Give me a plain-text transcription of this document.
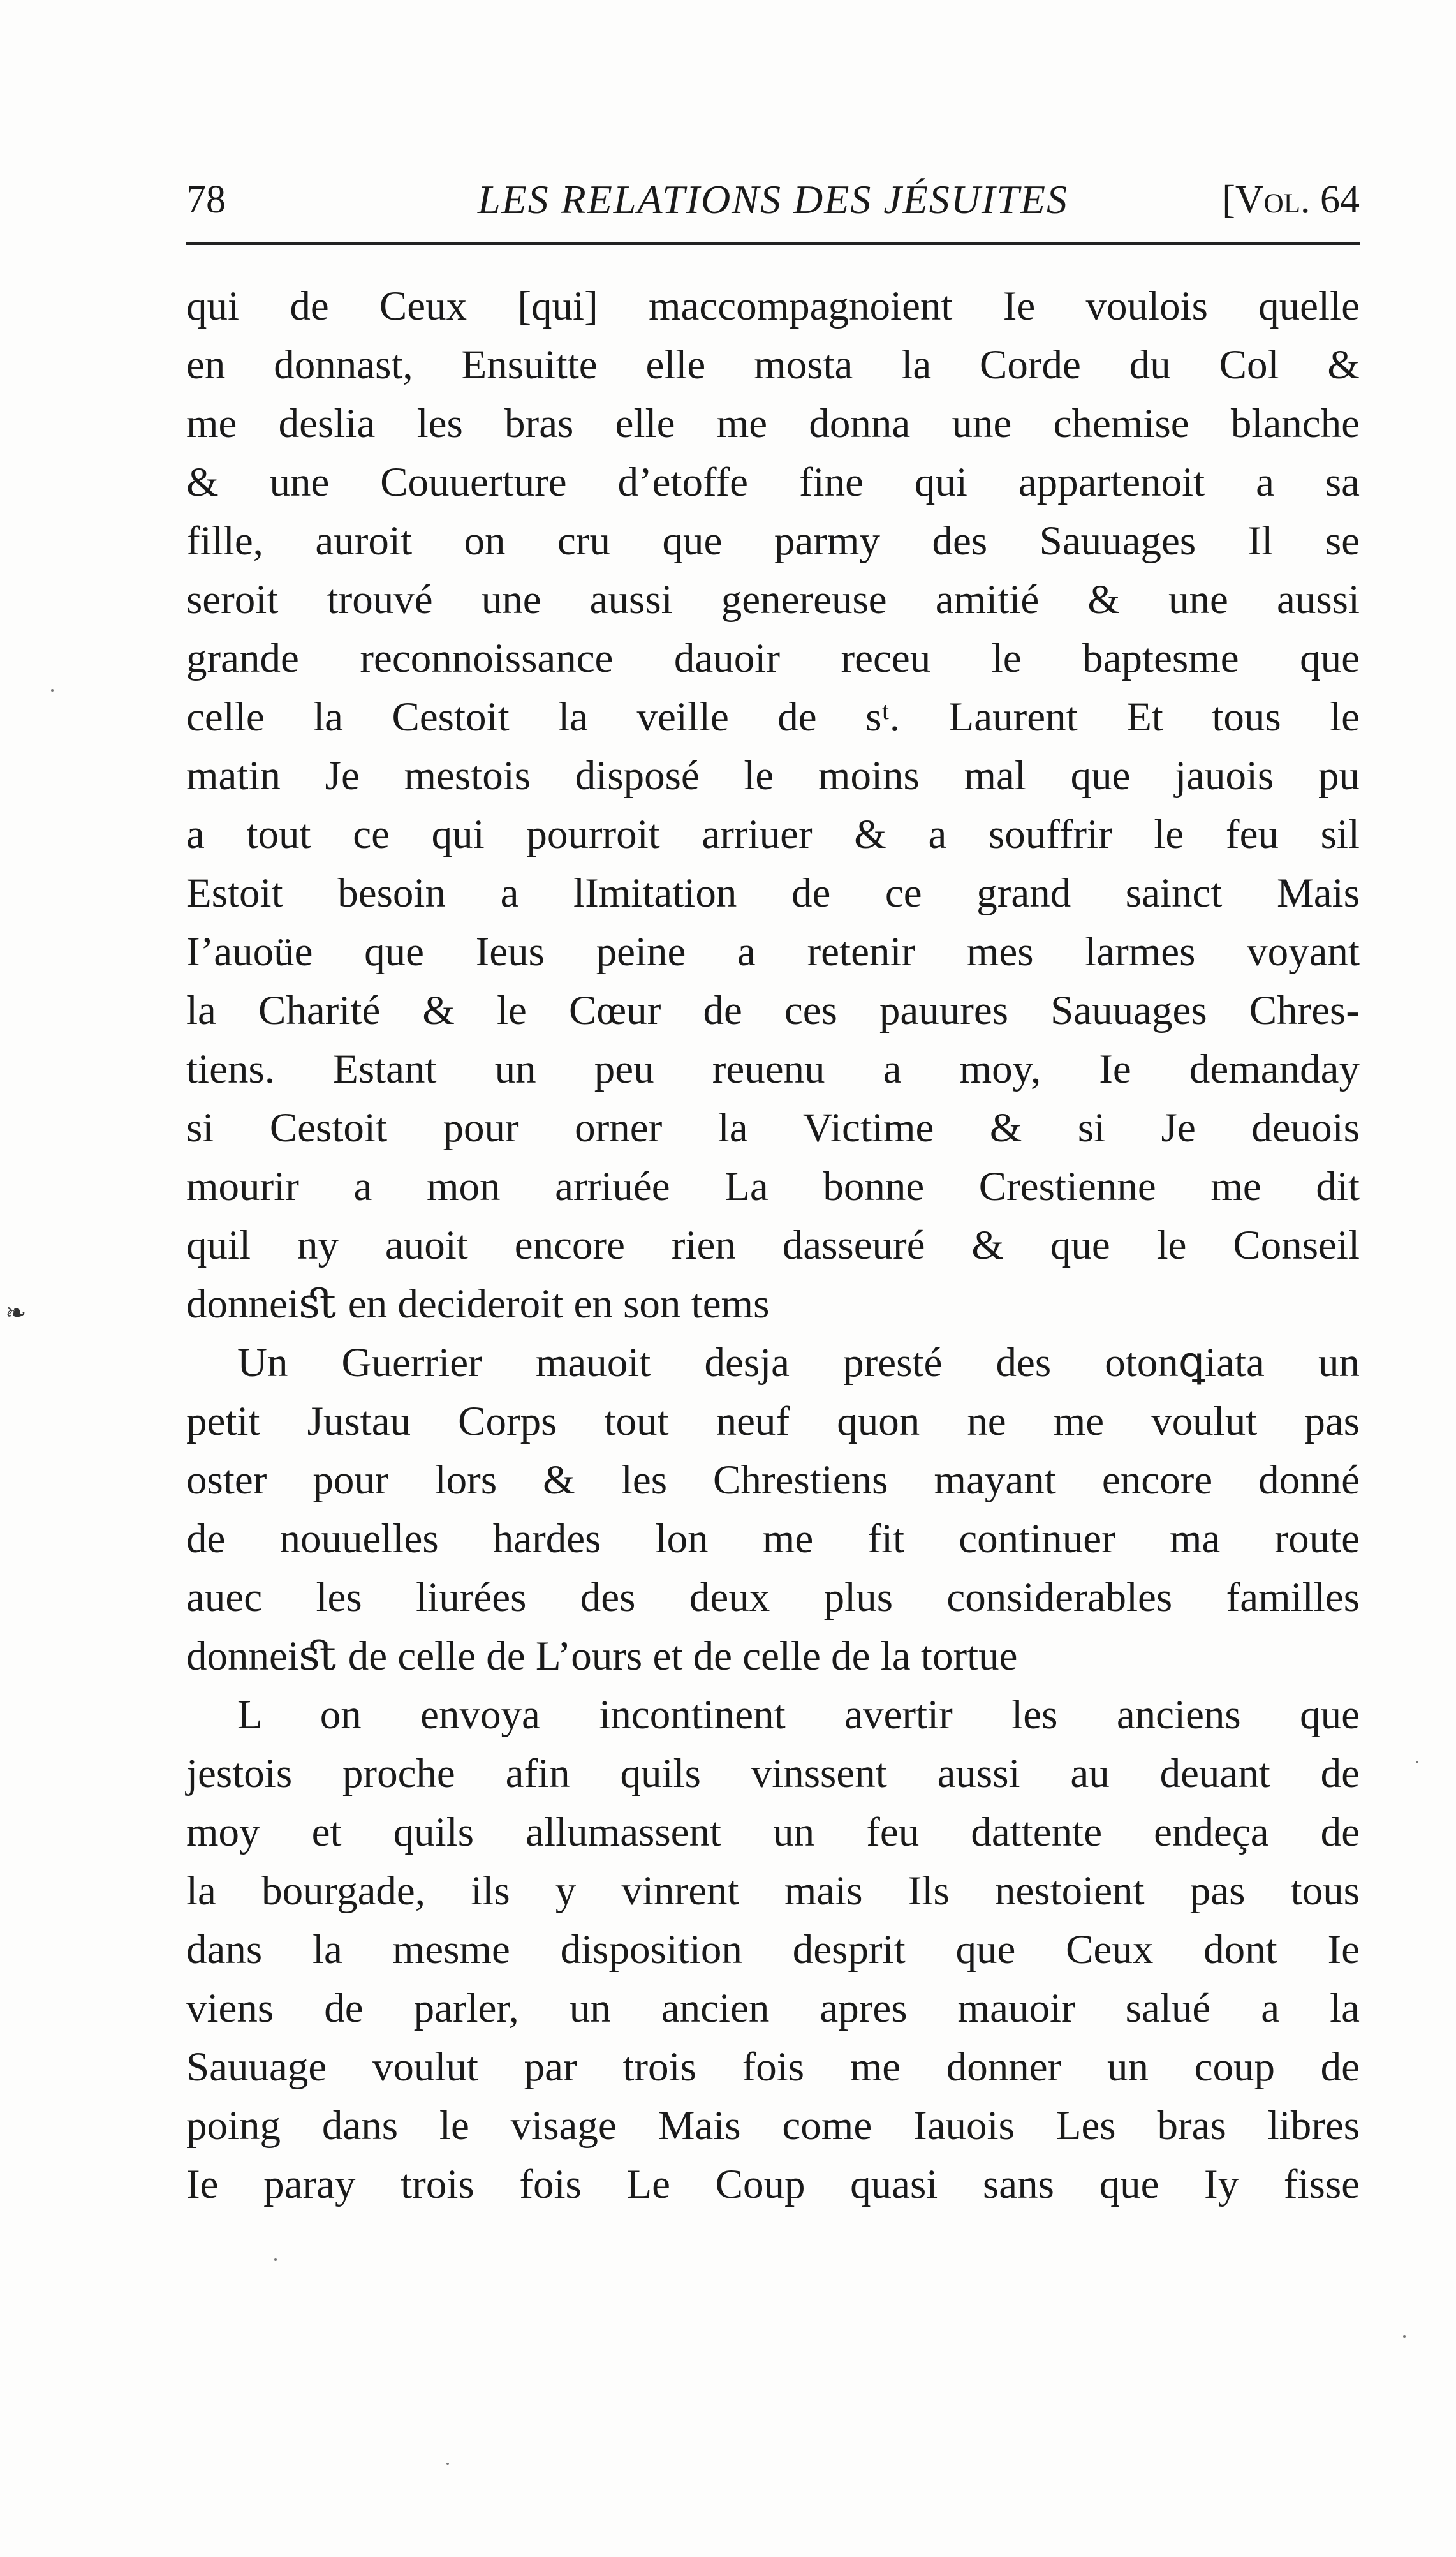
78	LES RELATIONS DES JÉSUITES	[Vol. 64
qui de Ceux [qui] maccompagnoient Ie voulois quelle
en donnast, Ensuitte elle mosta la Corde du Col &
me deslia les bras elle me donna une chemise blanche
& une Couuerture d’etoffe fine qui appartenoit a sa
fille, auroit on cru que parmy des Sauuages Il se
seroit trouvé une aussi genereuse amitié & une aussi
grande reconnoissance dauoir receu le baptesme que
celle la Cestoit la veille de sᵗ. Laurent Et tous le
matin Je mestois disposé le moins mal que jauois pu
a tout ce qui pourroit arriuer & a souffrir le feu sil
Estoit besoin a lImitation de ce grand sainct Mais
I’auoüe que Ieus peine a retenir mes larmes voyant
la Charité & le Cœur de ces pauures Sauuages Chres-
tiens. Estant un peu reuenu a moy, Ie demanday
si Cestoit pour orner la Victime & si Je deuois
mourir a mon arriuée La bonne Crestienne me dit
quil ny auoit encore rien dasseuré & que le Conseil
donneiﬆ en decideroit en son tems
Un Guerrier mauoit desja presté des otonꝗiata un
petit Justau Corps tout neuf quon ne me voulut pas
oster pour lors & les Chrestiens mayant encore donné
de nouuelles hardes lon me fit continuer ma route
auec les liurées des deux plus considerables familles
donneiﬆ de celle de L’ours et de celle de la tortue
L on envoya incontinent avertir les anciens que
jestois proche afin quils vinssent aussi au deuant de
moy et quils allumassent un feu dattente endeça de
la bourgade, ils y vinrent mais Ils nestoient pas tous
dans la mesme disposition desprit que Ceux dont Ie
viens de parler, un ancien apres mauoir salué a la
Sauuage voulut par trois fois me donner un coup de
poing dans le visage Mais come Iauois Les bras libres
Ie paray trois fois Le Coup quasi sans que Iy fisse
❧
